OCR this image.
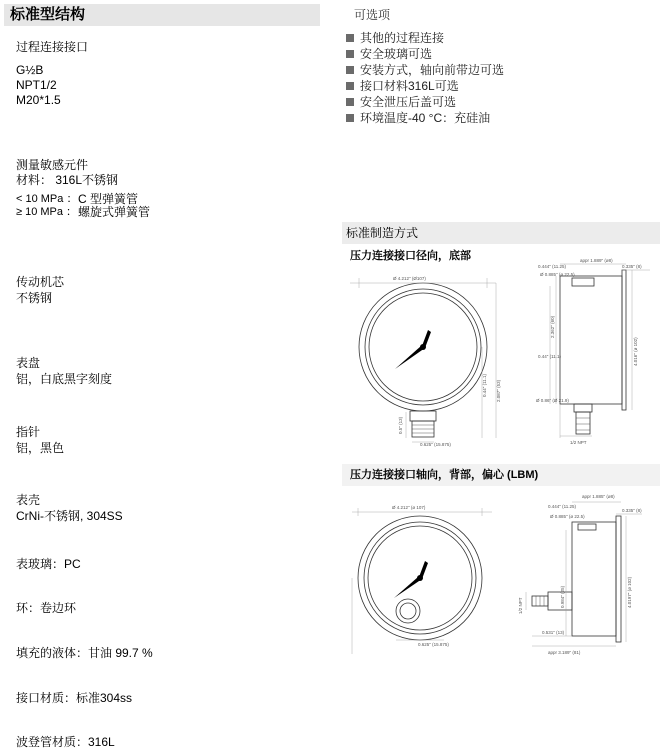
标准型结构
过程连接接口
G½B
NPT1/2
M20*1.5
测量敏感元件
材料： 316L不锈钢
< 10 MPa ： C 型弹簧管
≥ 10 MPa ： 螺旋式弹簧管
传动机芯
不锈钢
表盘
铝，白底黑字刻度
指针
铝，黑色
表壳
CrNi-不锈钢, 304SS
表玻璃：PC
环：卷边环
填充的液体：甘油 99.7 %
接口材质：标准304ss
波登管材质：316L
可选项
其他的过程连接
安全玻璃可选
安装方式，轴向前带边可选
接口材料316L可选
安全泄压后盖可选
环境温度-40 °C：充硅油
标准制造方式
压力连接接口径向，底部
压力连接接口轴向，背部，偏心 (LBM)
Ø 4.212" (Ø107)
0.625" (15.875)
2.087" (53)
0.44" (11.1)
0.5" (13)
appr 1.889" (ø8)
0.335" (8)
0.444" (11.25)
Ø 0.885" (ø 22.5)
4.016" (ø 102)
2.362" (60)
Ø 0.86" (Ø 21.9)
0.44" (11.1)
1/2 NPT
Ø 4.212" (ø 107)
0.625" (15.875)
appr 1.885" (ø8)
0.335" (8)
0.444" (11.25)
Ø 0.885" (ø 22.5)
4.0197" (ø 102)
1/2 NPT	0.984" (25)
0.531" (13)
appr 3.189" (81)
